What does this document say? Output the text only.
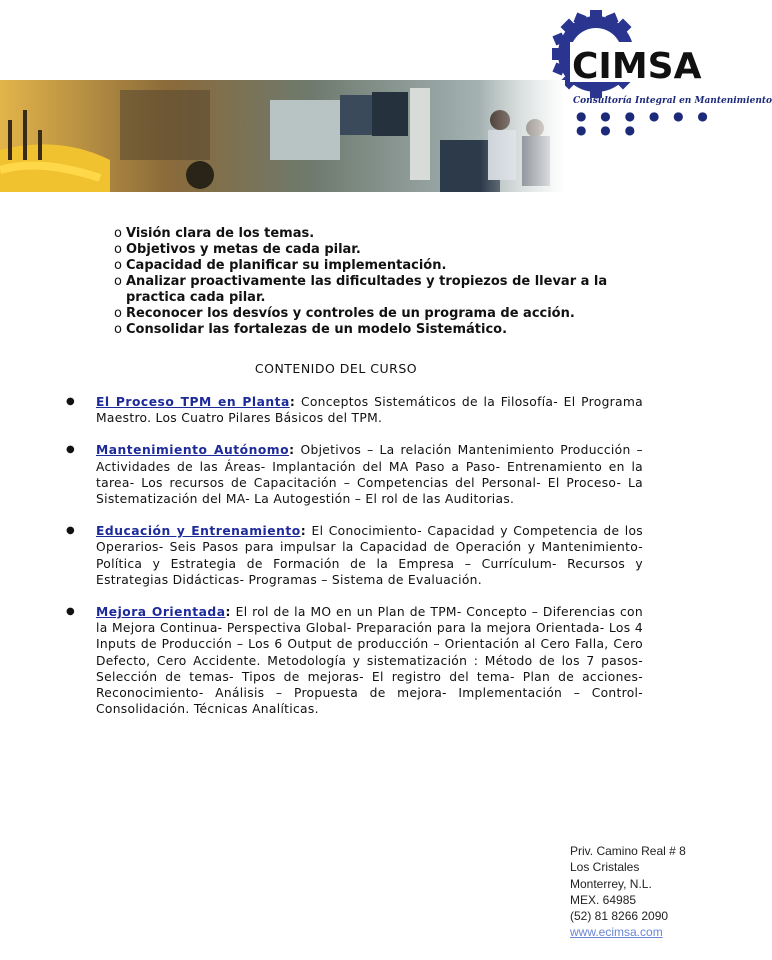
CIMSA
Consultoría Integral en Mantenimiento
● ● ● ● ● ● ● ● ●
o Visión clara de los temas.
o Objetivos y metas de cada pilar.
o Capacidad de planificar su implementación.
o Analizar proactivamente las dificultades y tropiezos de llevar a la practica cada pilar.
o Reconocer los desvíos y controles de un programa de acción.
o Consolidar las fortalezas de un modelo Sistemático.
CONTENIDO DEL CURSO
●	El Proceso TPM en Planta: Conceptos Sistemáticos de la Filosofía- El Programa Maestro. Los Cuatro Pilares Básicos del TPM.

●	Mantenimiento Autónomo: Objetivos – La relación Mantenimiento Producción – Actividades de las Áreas- Implantación del MA Paso a Paso- Entrenamiento en la tarea- Los recursos de Capacitación – Competencias del Personal- El Proceso- La Sistematización del MA- La Autogestión – El rol de las Auditorias.

●	Educación y Entrenamiento: El Conocimiento- Capacidad y Competencia de los Operarios- Seis Pasos para impulsar la Capacidad de Operación y Mantenimiento- Política y Estrategia de Formación de la Empresa – Currículum- Recursos y Estrategias Didácticas- Programas – Sistema de Evaluación.

●	Mejora Orientada: El rol de la MO en un Plan de TPM- Concepto – Diferencias con la Mejora Continua- Perspectiva Global- Preparación para la mejora Orientada- Los 4 Inputs de Producción – Los 6 Output de producción – Orientación al Cero Falla, Cero Defecto, Cero Accidente. Metodología y sistematización : Método de los 7 pasos- Selección de temas- Tipos de mejoras- El registro del tema- Plan de acciones- Reconocimiento- Análisis – Propuesta de mejora- Implementación – Control- Consolidación. Técnicas Analíticas.

Priv. Camino Real # 8
Los Cristales
Monterrey, N.L.
MEX. 64985
(52) 81 8266 2090
www.ecimsa.com
